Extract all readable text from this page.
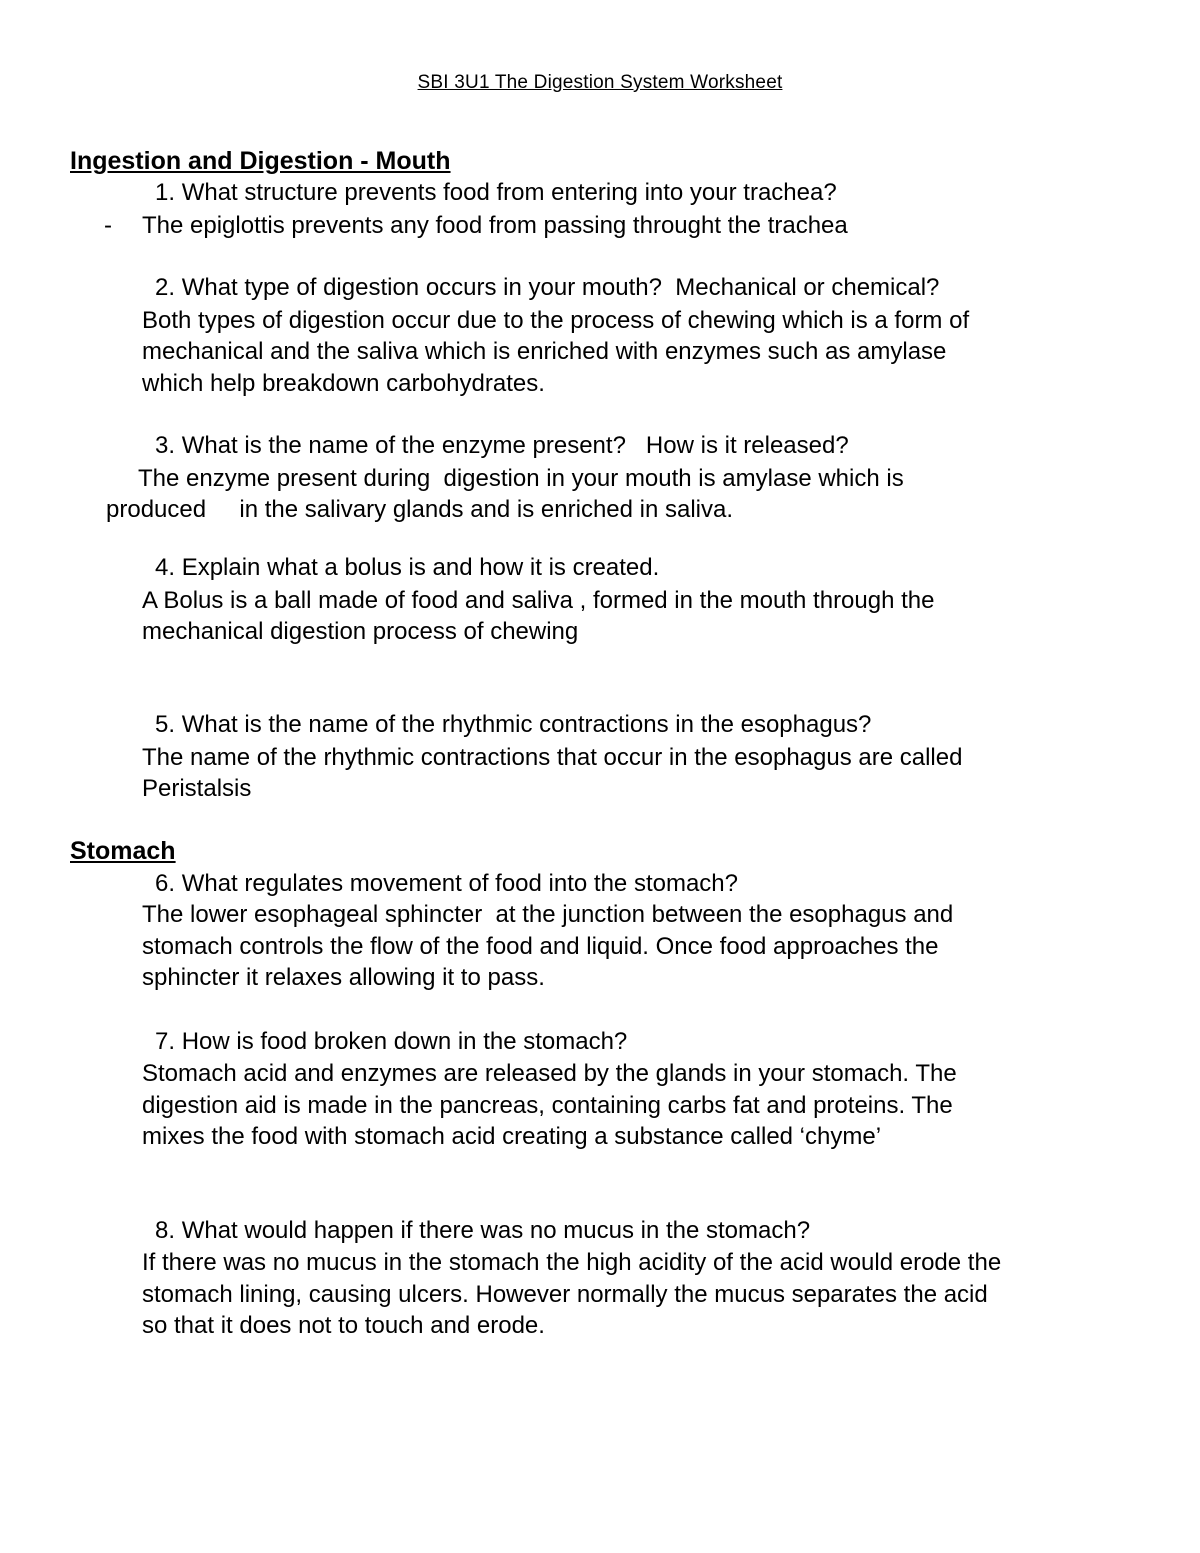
SBI 3U1 The Digestion System Worksheet
Ingestion and Digestion - Mouth
1. What structure prevents food from entering into your trachea?
- The epiglottis prevents any food from passing throught the trachea
2. What type of digestion occurs in your mouth?  Mechanical or chemical?
Both types of digestion occur due to the process of chewing which is a form of
mechanical and the saliva which is enriched with enzymes such as amylase
which help breakdown carbohydrates.
3. What is the name of the enzyme present?   How is it released?
The enzyme present during  digestion in your mouth is amylase which is
produced     in the salivary glands and is enriched in saliva.
4. Explain what a bolus is and how it is created.
A Bolus is a ball made of food and saliva , formed in the mouth through the
mechanical digestion process of chewing
5. What is the name of the rhythmic contractions in the esophagus?
The name of the rhythmic contractions that occur in the esophagus are called
Peristalsis
Stomach
6. What regulates movement of food into the stomach?
The lower esophageal sphincter  at the junction between the esophagus and
stomach controls the flow of the food and liquid. Once food approaches the
sphincter it relaxes allowing it to pass.
7. How is food broken down in the stomach?
Stomach acid and enzymes are released by the glands in your stomach. The
digestion aid is made in the pancreas, containing carbs fat and proteins. The
mixes the food with stomach acid creating a substance called ‘chyme’
8. What would happen if there was no mucus in the stomach?
If there was no mucus in the stomach the high acidity of the acid would erode the
stomach lining, causing ulcers. However normally the mucus separates the acid
so that it does not to touch and erode.
